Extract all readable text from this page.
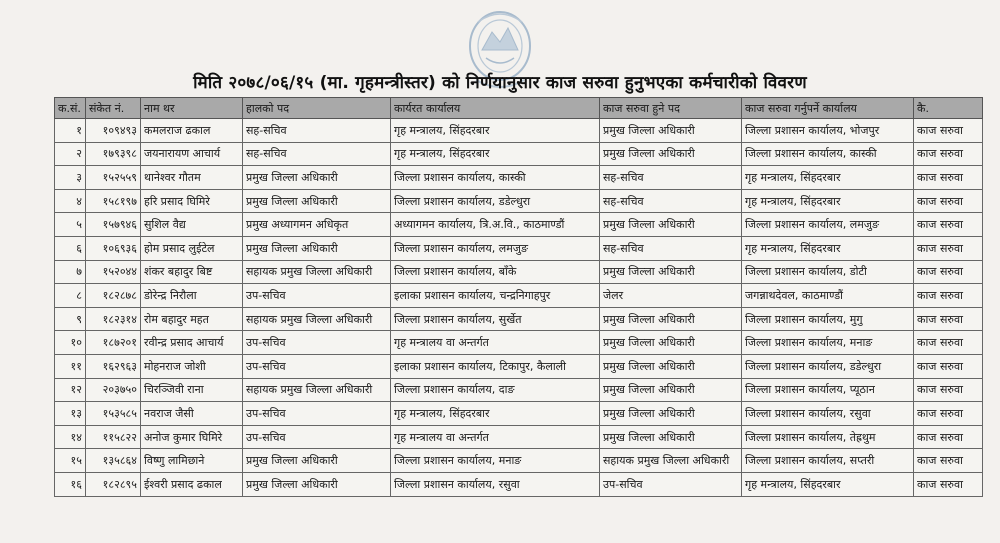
मिति २०७८/०६/१५ (मा. गृहमन्त्रीस्तर) को निर्णयानुसार काज सरुवा हुनुभएका कर्मचारीको विवरण
क.सं.	संकेत नं.	नाम थर	हालको पद	कार्यरत कार्यालय	काज सरुवा हुने पद	काज सरुवा गर्नुपर्ने कार्यालय	कै.
१	१०९४९३	कमलराज ढकाल	सह-सचिव	गृह मन्त्रालय, सिंहदरबार	प्रमुख जिल्ला अधिकारी	जिल्ला प्रशासन कार्यालय, भोजपुर	काज सरुवा
२	१७९३९८	जयनारायण आचार्य	सह-सचिव	गृह मन्त्रालय, सिंहदरबार	प्रमुख जिल्ला अधिकारी	जिल्ला प्रशासन कार्यालय, कास्की	काज सरुवा
३	१५२५५९	थानेश्वर गौतम	प्रमुख जिल्ला अधिकारी	जिल्ला प्रशासन कार्यालय, कास्की	सह-सचिव	गृह मन्त्रालय, सिंहदरबार	काज सरुवा
४	१५८१९७	हरि प्रसाद घिमिरे	प्रमुख जिल्ला अधिकारी	जिल्ला प्रशासन कार्यालय, डडेल्धुरा	सह-सचिव	गृह मन्त्रालय, सिंहदरबार	काज सरुवा
५	१५७९४६	सुशिल वैद्य	प्रमुख अध्यागमन अधिकृत	अध्यागमन कार्यालय, त्रि.अ.वि., काठमाण्डौं	प्रमुख जिल्ला अधिकारी	जिल्ला प्रशासन कार्यालय, लमजुङ	काज सरुवा
६	१०६९३६	होम प्रसाद लुईटेल	प्रमुख जिल्ला अधिकारी	जिल्ला प्रशासन कार्यालय, लमजुङ	सह-सचिव	गृह मन्त्रालय, सिंहदरबार	काज सरुवा
७	१५२०४४	शंकर बहादुर बिष्ट	सहायक प्रमुख जिल्ला अधिकारी	जिल्ला प्रशासन कार्यालय, बाँके	प्रमुख जिल्ला अधिकारी	जिल्ला प्रशासन कार्यालय, डोटी	काज सरुवा
८	१८२८७८	डोरेन्द्र निरौला	उप-सचिव	इलाका प्रशासन कार्यालय, चन्द्रनिगाहपुर	जेलर	जगन्नाथदेवल, काठमाण्डौं	काज सरुवा
९	१८२३१४	रोम बहादुर महत	सहायक प्रमुख जिल्ला अधिकारी	जिल्ला प्रशासन कार्यालय, सुर्खेत	प्रमुख जिल्ला अधिकारी	जिल्ला प्रशासन कार्यालय, मुगु	काज सरुवा
१०	१८७२०१	रवीन्द्र प्रसाद आचार्य	उप-सचिव	गृह मन्त्रालय वा अन्तर्गत	प्रमुख जिल्ला अधिकारी	जिल्ला प्रशासन कार्यालय, मनाङ	काज सरुवा
११	१६२९६३	मोहनराज जोशी	उप-सचिव	इलाका प्रशासन कार्यालय, टिकापुर, कैलाली	प्रमुख जिल्ला अधिकारी	जिल्ला प्रशासन कार्यालय, डडेल्धुरा	काज सरुवा
१२	२०३७५०	चिरञ्जिवी राना	सहायक प्रमुख जिल्ला अधिकारी	जिल्ला प्रशासन कार्यालय, दाङ	प्रमुख जिल्ला अधिकारी	जिल्ला प्रशासन कार्यालय, प्यूठान	काज सरुवा
१३	१५३५८५	नवराज जैसी	उप-सचिव	गृह मन्त्रालय, सिंहदरबार	प्रमुख जिल्ला अधिकारी	जिल्ला प्रशासन कार्यालय, रसुवा	काज सरुवा
१४	११५८२२	अनोज कुमार घिमिरे	उप-सचिव	गृह मन्त्रालय वा अन्तर्गत	प्रमुख जिल्ला अधिकारी	जिल्ला प्रशासन कार्यालय, तेह्रथुम	काज सरुवा
१५	१३५८६४	विष्णु लामिछाने	प्रमुख जिल्ला अधिकारी	जिल्ला प्रशासन कार्यालय, मनाङ	सहायक प्रमुख जिल्ला अधिकारी	जिल्ला प्रशासन कार्यालय, सप्तरी	काज सरुवा
१६	१८२८९५	ईश्वरी प्रसाद ढकाल	प्रमुख जिल्ला अधिकारी	जिल्ला प्रशासन कार्यालय, रसुवा	उप-सचिव	गृह मन्त्रालय, सिंहदरबार	काज सरुवा
